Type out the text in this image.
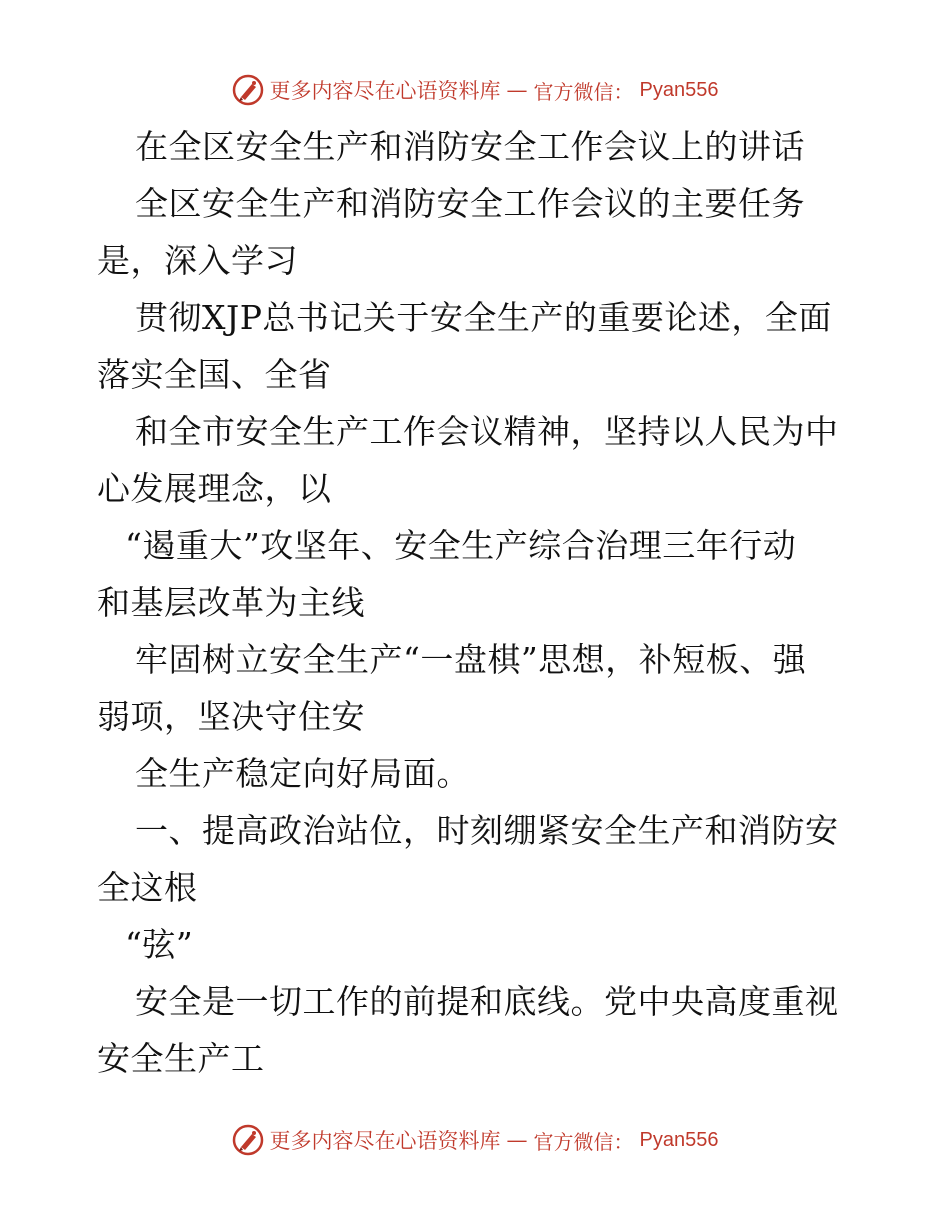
更多内容尽在心语资料库 — 官方微信： Pyan556
在全区安全生产和消防安全工作会议上的讲话
全区安全生产和消防安全工作会议的主要任务
是，深入学习
贯彻XJP总书记关于安全生产的重要论述，全面
落实全国、全省
和全市安全生产工作会议精神，坚持以人民为中
心发展理念，以
“遏重大”攻坚年、安全生产综合治理三年行动
和基层改革为主线
牢固树立安全生产“一盘棋”思想，补短板、强
弱项，坚决守住安
全生产稳定向好局面。
一、提高政治站位，时刻绷紧安全生产和消防安
全这根
“弦”
安全是一切工作的前提和底线。党中央高度重视
安全生产工
更多内容尽在心语资料库 — 官方微信： Pyan556
